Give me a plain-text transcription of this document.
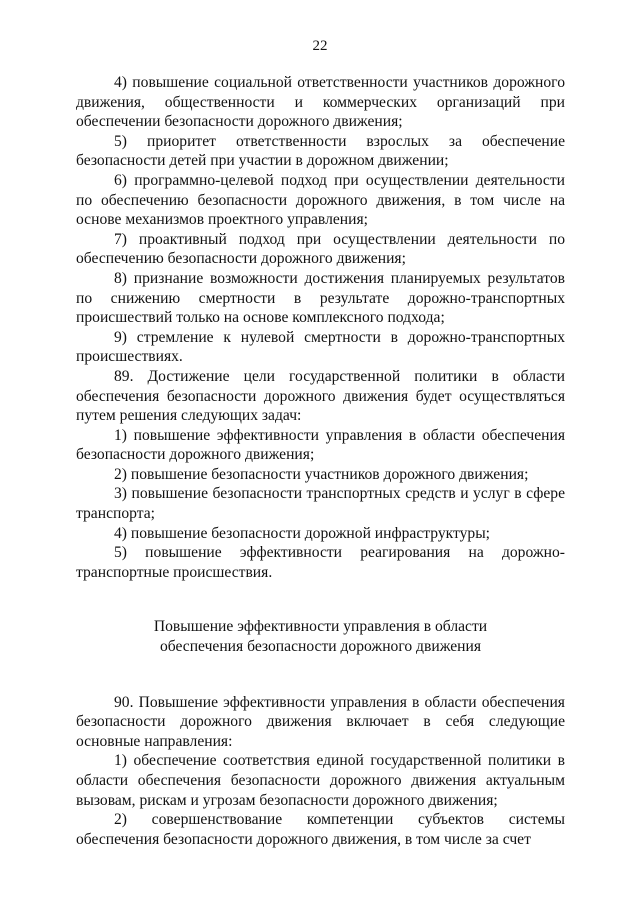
22

4) повышение социальной ответственности участников дорожного движения, общественности и коммерческих организаций при обеспечении безопасности дорожного движения;

5) приоритет ответственности взрослых за обеспечение безопасности детей при участии в дорожном движении;

6) программно-целевой подход при осуществлении деятельности по обеспечению безопасности дорожного движения, в том числе на основе механизмов проектного управления;

7) проактивный подход при осуществлении деятельности по обеспечению безопасности дорожного движения;

8) признание возможности достижения планируемых результатов по снижению смертности в результате дорожно-транспортных происшествий только на основе комплексного подхода;

9) стремление к нулевой смертности в дорожно-транспортных происшествиях.

89. Достижение цели государственной политики в области обеспечения безопасности дорожного движения будет осуществляться путем решения следующих задач:

1) повышение эффективности управления в области обеспечения безопасности дорожного движения;

2) повышение безопасности участников дорожного движения;

3) повышение безопасности транспортных средств и услуг в сфере транспорта;

4) повышение безопасности дорожной инфраструктуры;

5) повышение эффективности реагирования на дорожно-транспортные происшествия.

Повышение эффективности управления в области
обеспечения безопасности дорожного движения

90. Повышение эффективности управления в области обеспечения безопасности дорожного движения включает в себя следующие основные направления:

1) обеспечение соответствия единой государственной политики в области обеспечения безопасности дорожного движения актуальным вызовам, рискам и угрозам безопасности дорожного движения;

2) совершенствование компетенции субъектов системы обеспечения безопасности дорожного движения, в том числе за счет
